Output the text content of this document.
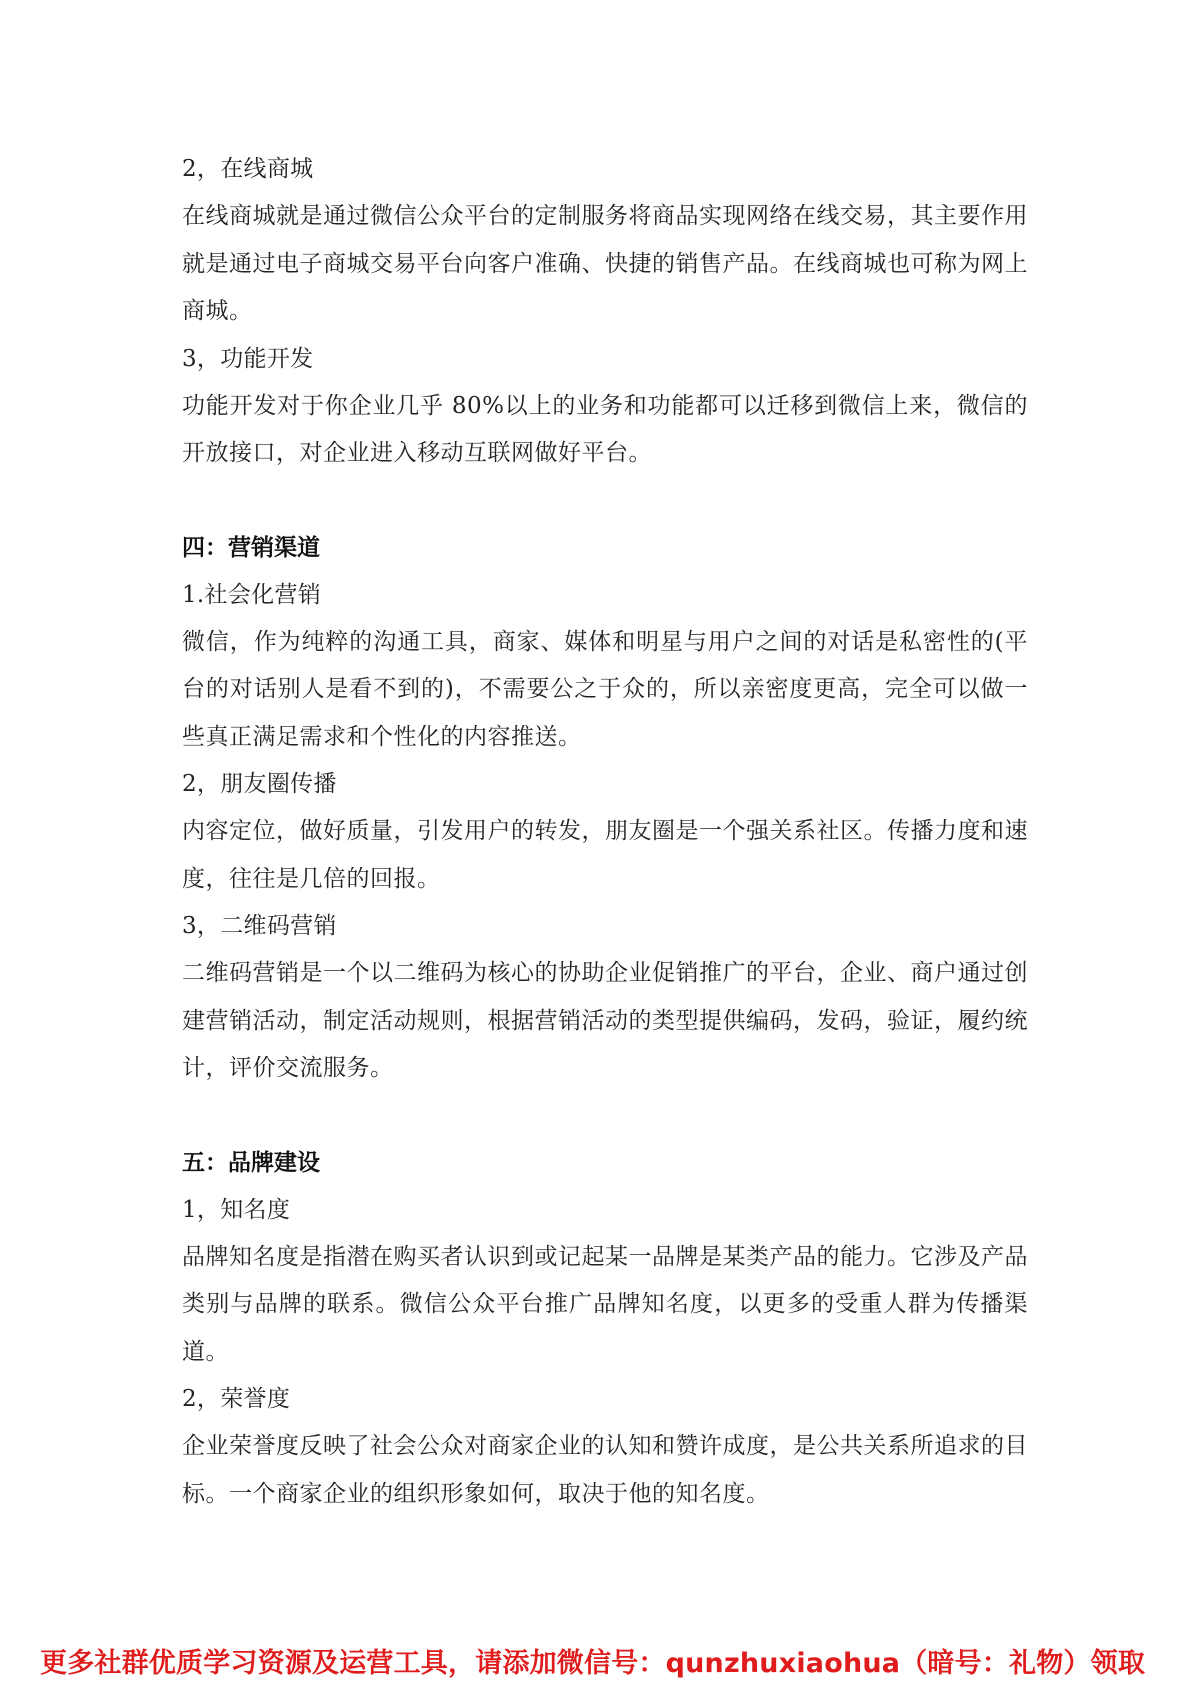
2，在线商城

在线商城就是通过微信公众平台的定制服务将商品实现网络在线交易，其主要作用就是通过电子商城交易平台向客户准确、快捷的销售产品。在线商城也可称为网上商城。

3，功能开发

功能开发对于你企业几乎 80%以上的业务和功能都可以迁移到微信上来，微信的开放接口，对企业进入移动互联网做好平台。

四：营销渠道

1.社会化营销

微信，作为纯粹的沟通工具，商家、媒体和明星与用户之间的对话是私密性的(平台的对话别人是看不到的)，不需要公之于众的，所以亲密度更高，完全可以做一些真正满足需求和个性化的内容推送。

2，朋友圈传播

内容定位，做好质量，引发用户的转发，朋友圈是一个强关系社区。传播力度和速度，往往是几倍的回报。

3，二维码营销

二维码营销是一个以二维码为核心的协助企业促销推广的平台，企业、商户通过创建营销活动，制定活动规则，根据营销活动的类型提供编码，发码，验证，履约统计，评价交流服务。

五：品牌建设

1，知名度

品牌知名度是指潜在购买者认识到或记起某一品牌是某类产品的能力。它涉及产品类别与品牌的联系。微信公众平台推广品牌知名度，以更多的受重人群为传播渠道。

2，荣誉度

企业荣誉度反映了社会公众对商家企业的认知和赞许成度，是公共关系所追求的目标。一个商家企业的组织形象如何，取决于他的知名度。

更多社群优质学习资源及运营工具，请添加微信号：qunzhuxiaohua（暗号：礼物）领取
